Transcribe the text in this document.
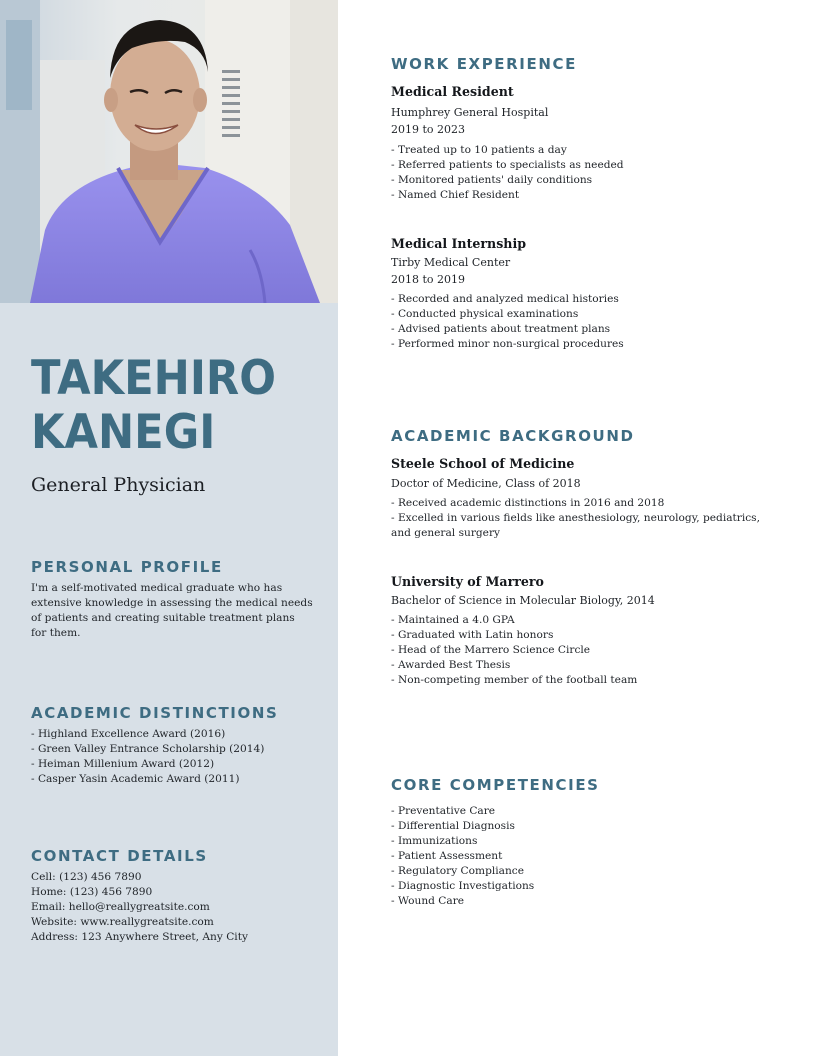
TAKEHIRO
KANEGI
General Physician
PERSONAL PROFILE
I'm a self-motivated medical graduate who has
extensive knowledge in assessing the medical needs
of patients and creating suitable treatment plans
for them.
ACADEMIC DISTINCTIONS
- Highland Excellence Award (2016)
- Green Valley Entrance Scholarship (2014)
- Heiman Millenium Award (2012)
- Casper Yasin Academic Award (2011)
CONTACT DETAILS
Cell: (123) 456 7890
Home: (123) 456 7890
Email: hello@reallygreatsite.com
Website: www.reallygreatsite.com
Address: 123 Anywhere Street, Any City
WORK EXPERIENCE
Medical Resident
Humphrey General Hospital
2019 to 2023
- Treated up to 10 patients a day
- Referred patients to specialists as needed
- Monitored patients' daily conditions
- Named Chief Resident
Medical Internship
Tirby Medical Center
2018 to 2019
- Recorded and analyzed medical histories
- Conducted physical examinations
- Advised patients about treatment plans
- Performed minor non-surgical procedures
ACADEMIC BACKGROUND
Steele School of Medicine
Doctor of Medicine, Class of 2018
- Received academic distinctions in 2016 and 2018
- Excelled in various fields like anesthesiology, neurology, pediatrics, and general surgery
University of Marrero
Bachelor of Science in Molecular Biology, 2014
- Maintained a 4.0 GPA
- Graduated with Latin honors
- Head of the Marrero Science Circle
- Awarded Best Thesis
- Non-competing member of the football team
CORE COMPETENCIES
- Preventative Care
- Differential Diagnosis
- Immunizations
- Patient Assessment
- Regulatory Compliance
- Diagnostic Investigations
- Wound Care
